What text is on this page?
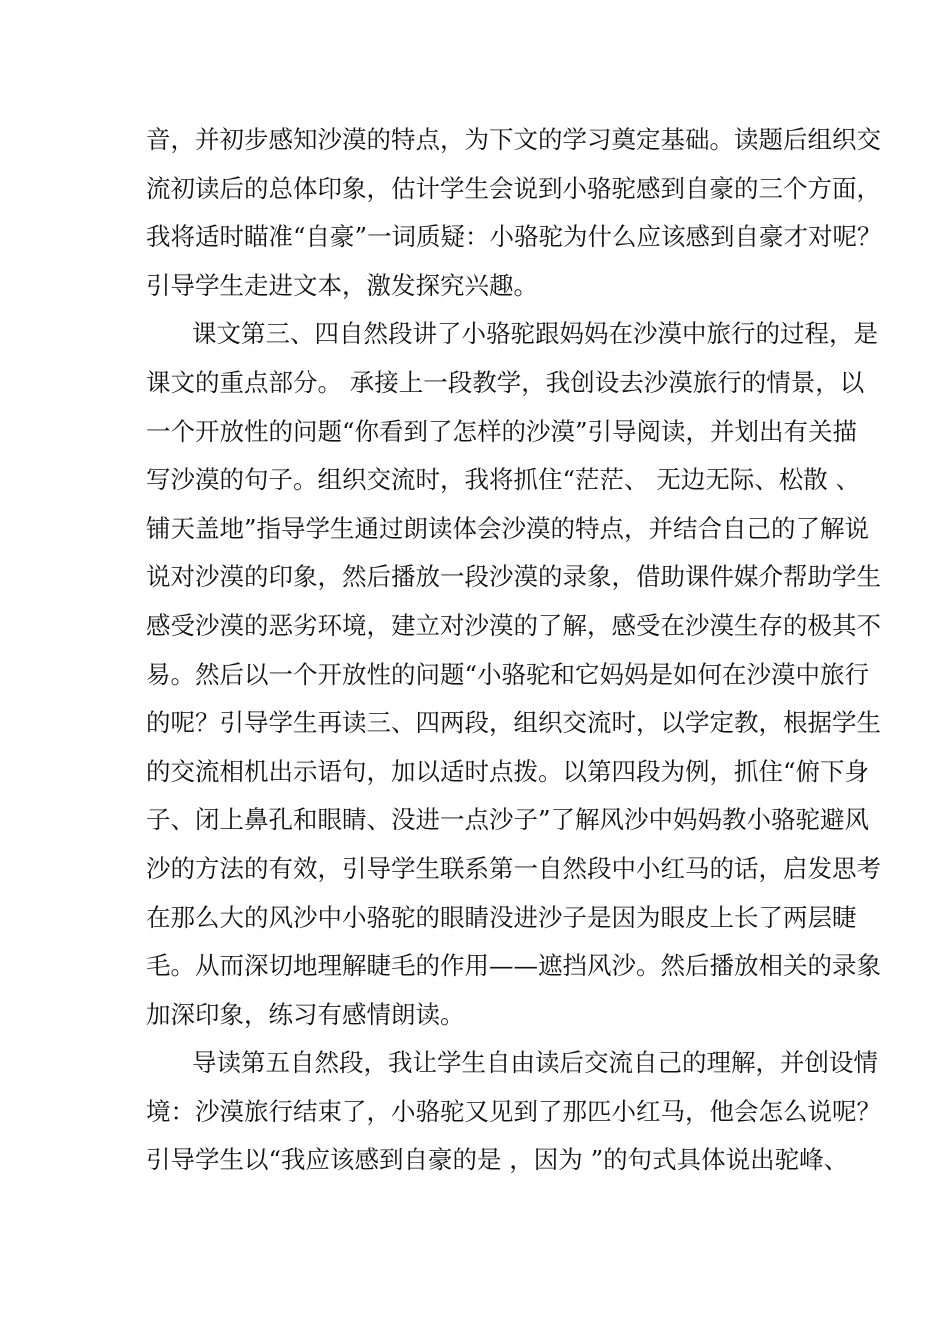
音，并初步感知沙漠的特点，为下文的学习奠定基础。读题后组织交
流初读后的总体印象，估计学生会说到小骆驼感到自豪的三个方面，
我将适时瞄准“自豪”一词质疑：小骆驼为什么应该感到自豪才对呢？
引导学生走进文本，激发探究兴趣。
课文第三、四自然段讲了小骆驼跟妈妈在沙漠中旅行的过程，是
课文的重点部分。 承接上一段教学，我创设去沙漠旅行的情景，以
一个开放性的问题“你看到了怎样的沙漠”引导阅读，并划出有关描
写沙漠的句子。组织交流时，我将抓住“茫茫、 无边无际、松散 、
铺天盖地”指导学生通过朗读体会沙漠的特点，并结合自己的了解说
说对沙漠的印象，然后播放一段沙漠的录象，借助课件媒介帮助学生
感受沙漠的恶劣环境，建立对沙漠的了解，感受在沙漠生存的极其不
易。然后以一个开放性的问题“小骆驼和它妈妈是如何在沙漠中旅行
的呢？引导学生再读三、四两段，组织交流时，以学定教，根据学生
的交流相机出示语句，加以适时点拨。以第四段为例，抓住“俯下身
子、闭上鼻孔和眼睛、没进一点沙子”了解风沙中妈妈教小骆驼避风
沙的方法的有效，引导学生联系第一自然段中小红马的话，启发思考
在那么大的风沙中小骆驼的眼睛没进沙子是因为眼皮上长了两层睫
毛。从而深切地理解睫毛的作用——遮挡风沙。然后播放相关的录象
加深印象，练习有感情朗读。
导读第五自然段，我让学生自由读后交流自己的理解，并创设情
境：沙漠旅行结束了，小骆驼又见到了那匹小红马，他会怎么说呢？
引导学生以“我应该感到自豪的是 ，因为 ”的句式具体说出驼峰、
